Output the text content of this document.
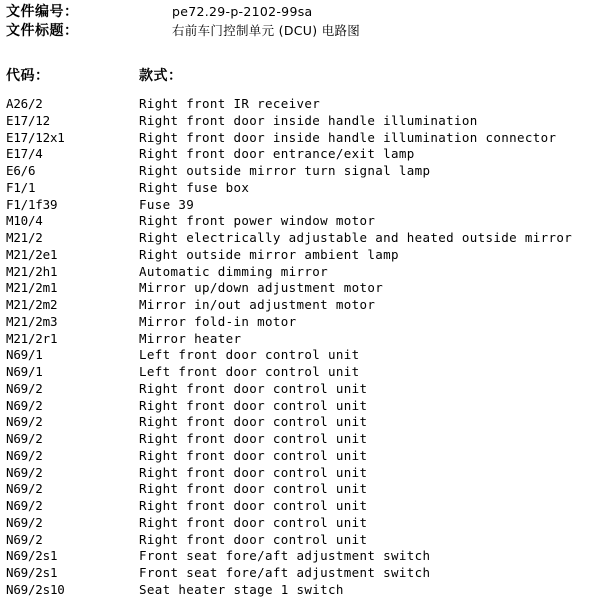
文件编号：	pe72.29-p-2102-99sa
文件标题：	右前车门控制单元 (DCU) 电路图
代码：	款式：
A26/2	Right front IR receiver
E17/12	Right front door inside handle illumination
E17/12x1	Right front door inside handle illumination connector
E17/4	Right front door entrance/exit lamp
E6/6	Right outside mirror turn signal lamp
F1/1	Right fuse box
F1/1f39	Fuse 39
M10/4	Right front power window motor
M21/2	Right electrically adjustable and heated outside mirror
M21/2e1	Right outside mirror ambient lamp
M21/2h1	Automatic dimming mirror
M21/2m1	Mirror up/down adjustment motor
M21/2m2	Mirror in/out adjustment motor
M21/2m3	Mirror fold-in motor
M21/2r1	Mirror heater
N69/1	Left front door control unit
N69/1	Left front door control unit
N69/2	Right front door control unit
N69/2	Right front door control unit
N69/2	Right front door control unit
N69/2	Right front door control unit
N69/2	Right front door control unit
N69/2	Right front door control unit
N69/2	Right front door control unit
N69/2	Right front door control unit
N69/2	Right front door control unit
N69/2	Right front door control unit
N69/2s1	Front seat fore/aft adjustment switch
N69/2s1	Front seat fore/aft adjustment switch
N69/2s10	Seat heater stage 1 switch
